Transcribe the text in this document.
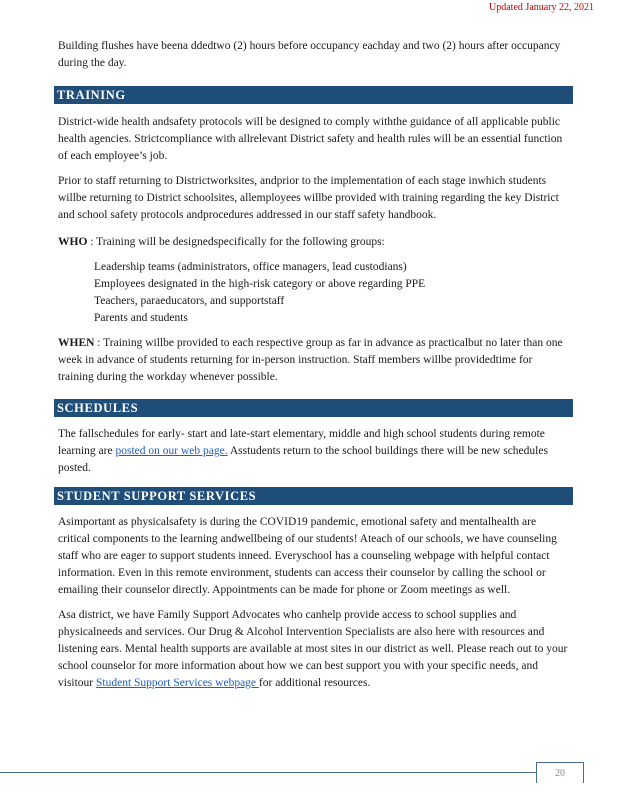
Updated January 22, 2021

Building flushes have beena ddedtwo (2) hours before occupancy eachday and two (2) hours after occupancy during the day.

TRAINING

District-wide health andsafety protocols will be designed to comply withthe guidance of all applicable public health agencies. Strictcompliance with allrelevant District safety and health rules will be an essential function of each employee’s job.

Prior to staff returning to Districtworksites, andprior to the implementation of each stage inwhich students willbe returning to District schoolsites, allemployees willbe provided with training regarding the key District and school safety protocols andprocedures addressed in our staff safety handbook.

WHO : Training will be designedspecifically for the following groups:

Leadership teams (administrators, office managers, lead custodians)
Employees designated in the high-risk category or above regarding PPE
Teachers, paraeducators, and supportstaff
Parents and students

WHEN : Training willbe provided to each respective group as far in advance as practicalbut no later than one week in advance of students returning for in-person instruction. Staff members willbe providedtime for training during the workday whenever possible.

SCHEDULES

The fallschedules for early- start and late-start elementary, middle and high school students during remote learning are posted on our web page. Asstudents return to the school buildings there will be new schedules posted.

STUDENT SUPPORT SERVICES

Asimportant as physicalsafety is during the COVID19 pandemic, emotional safety and mentalhealth are critical components to the learning andwellbeing of our students! Ateach of our schools, we have counseling staff who are eager to support students inneed. Everyschool has a counseling webpage with helpful contact information. Even in this remote environment, students can access their counselor by calling the school or emailing their counselor directly. Appointments can be made for phone or Zoom meetings as well.

Asa district, we have Family Support Advocates who canhelp provide access to school supplies and physicalneeds and services. Our Drug & Alcohol Intervention Specialists are also here with resources and listening ears. Mental health supports are available at most sites in our district as well. Please reach out to your school counselor for more information about how we can best support you with your specific needs, and visitour Student Support Services webpage for additional resources.

20
